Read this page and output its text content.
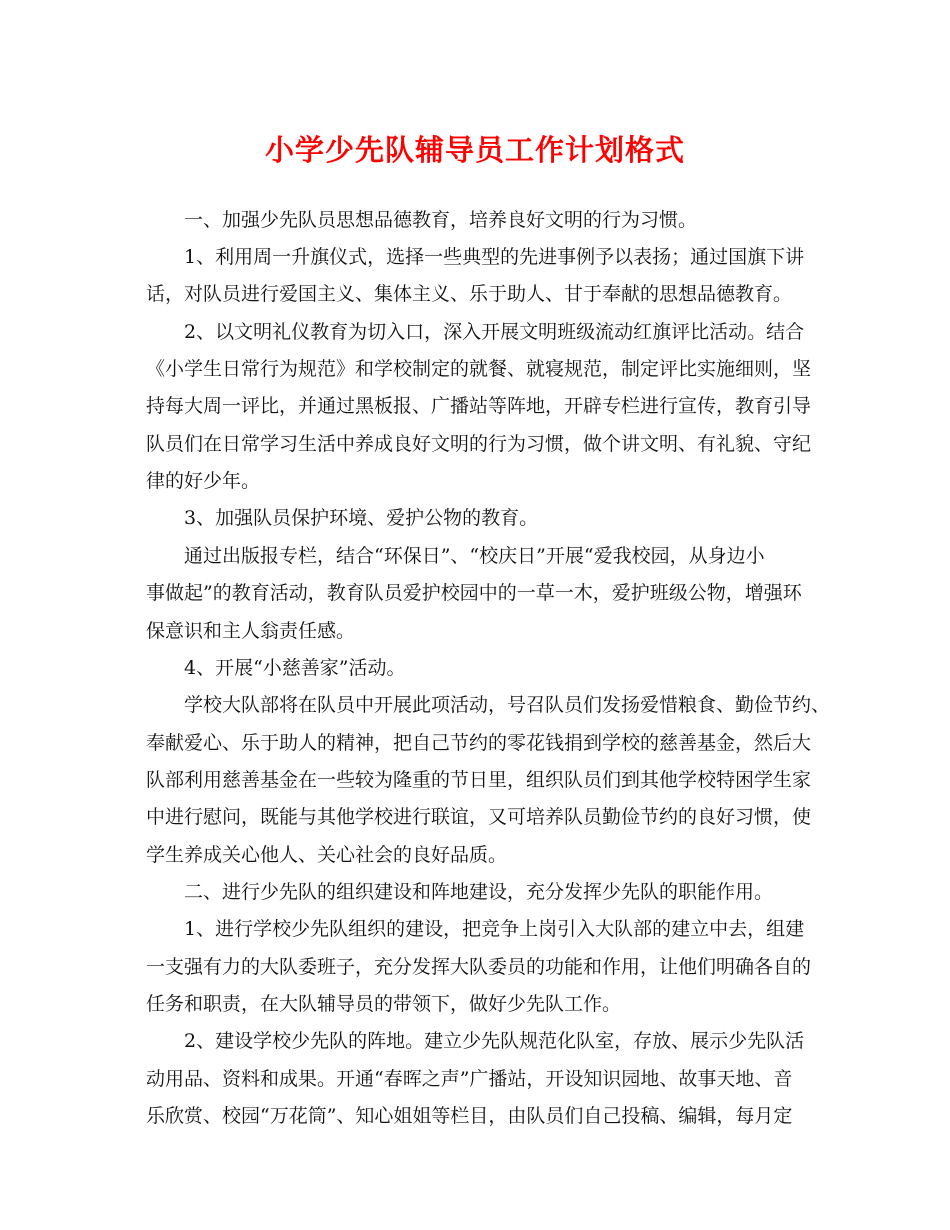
小学少先队辅导员工作计划格式
一、加强少先队员思想品德教育，培养良好文明的行为习惯。
1、利用周一升旗仪式，选择一些典型的先进事例予以表扬；通过国旗下讲
话，对队员进行爱国主义、集体主义、乐于助人、甘于奉献的思想品德教育。
2、以文明礼仪教育为切入口，深入开展文明班级流动红旗评比活动。结合
《小学生日常行为规范》和学校制定的就餐、就寝规范，制定评比实施细则，坚
持每大周一评比，并通过黑板报、广播站等阵地，开辟专栏进行宣传，教育引导
队员们在日常学习生活中养成良好文明的行为习惯，做个讲文明、有礼貌、守纪
律的好少年。
3、加强队员保护环境、爱护公物的教育。
通过出版报专栏，结合“环保日”、“校庆日”开展“爱我校园，从身边小
事做起”的教育活动，教育队员爱护校园中的一草一木，爱护班级公物，增强环
保意识和主人翁责任感。
4、开展“小慈善家”活动。
学校大队部将在队员中开展此项活动，号召队员们发扬爱惜粮食、勤俭节约、
奉献爱心、乐于助人的精神，把自己节约的零花钱捐到学校的慈善基金，然后大
队部利用慈善基金在一些较为隆重的节日里，组织队员们到其他学校特困学生家
中进行慰问，既能与其他学校进行联谊，又可培养队员勤俭节约的良好习惯，使
学生养成关心他人、关心社会的良好品质。
二、进行少先队的组织建设和阵地建设，充分发挥少先队的职能作用。
1、进行学校少先队组织的建设，把竞争上岗引入大队部的建立中去，组建
一支强有力的大队委班子，充分发挥大队委员的功能和作用，让他们明确各自的
任务和职责，在大队辅导员的带领下，做好少先队工作。
2、建设学校少先队的阵地。建立少先队规范化队室，存放、展示少先队活
动用品、资料和成果。开通“春晖之声”广播站，开设知识园地、故事天地、音
乐欣赏、校园“万花筒”、知心姐姐等栏目，由队员们自己投稿、编辑，每月定
